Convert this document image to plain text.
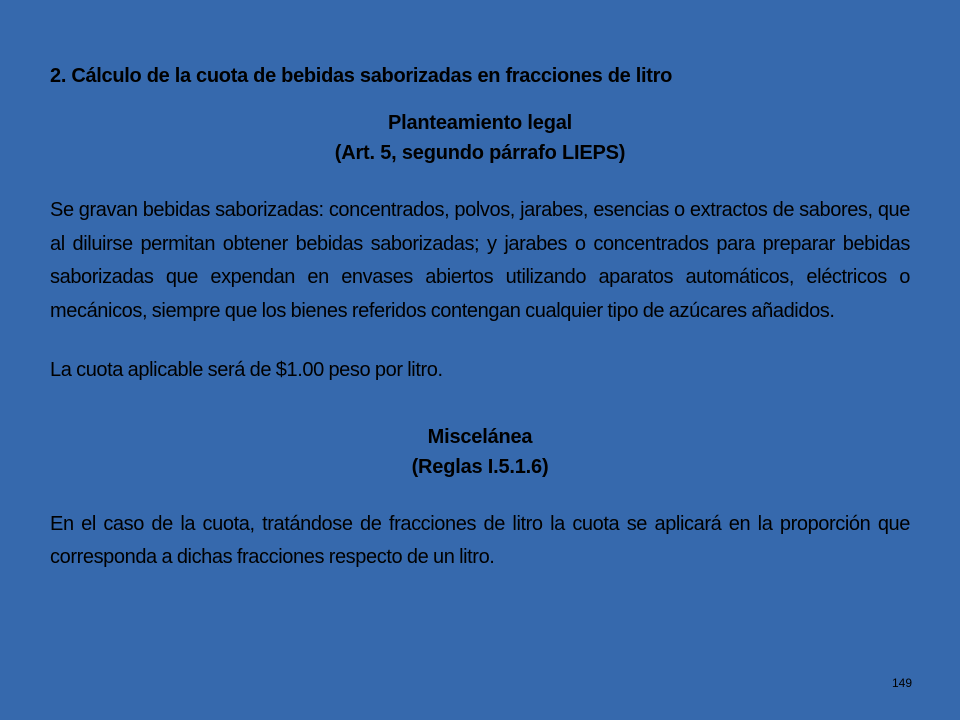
2. Cálculo de la cuota de bebidas saborizadas en fracciones de litro

Planteamiento legal

(Art. 5, segundo párrafo LIEPS)

Se gravan bebidas saborizadas: concentrados, polvos, jarabes, esencias o extractos de sabores, que al diluirse permitan obtener bebidas saborizadas; y jarabes o concentrados para preparar bebidas saborizadas que expendan en envases abiertos utilizando aparatos automáticos, eléctricos o mecánicos, siempre que los bienes referidos contengan cualquier tipo de azúcares añadidos.

La cuota aplicable será de $1.00 peso por litro.

Miscelánea

(Reglas I.5.1.6)

En el caso de la cuota, tratándose de fracciones de litro la cuota se aplicará en la proporción que corresponda a dichas fracciones respecto de un litro.

149
